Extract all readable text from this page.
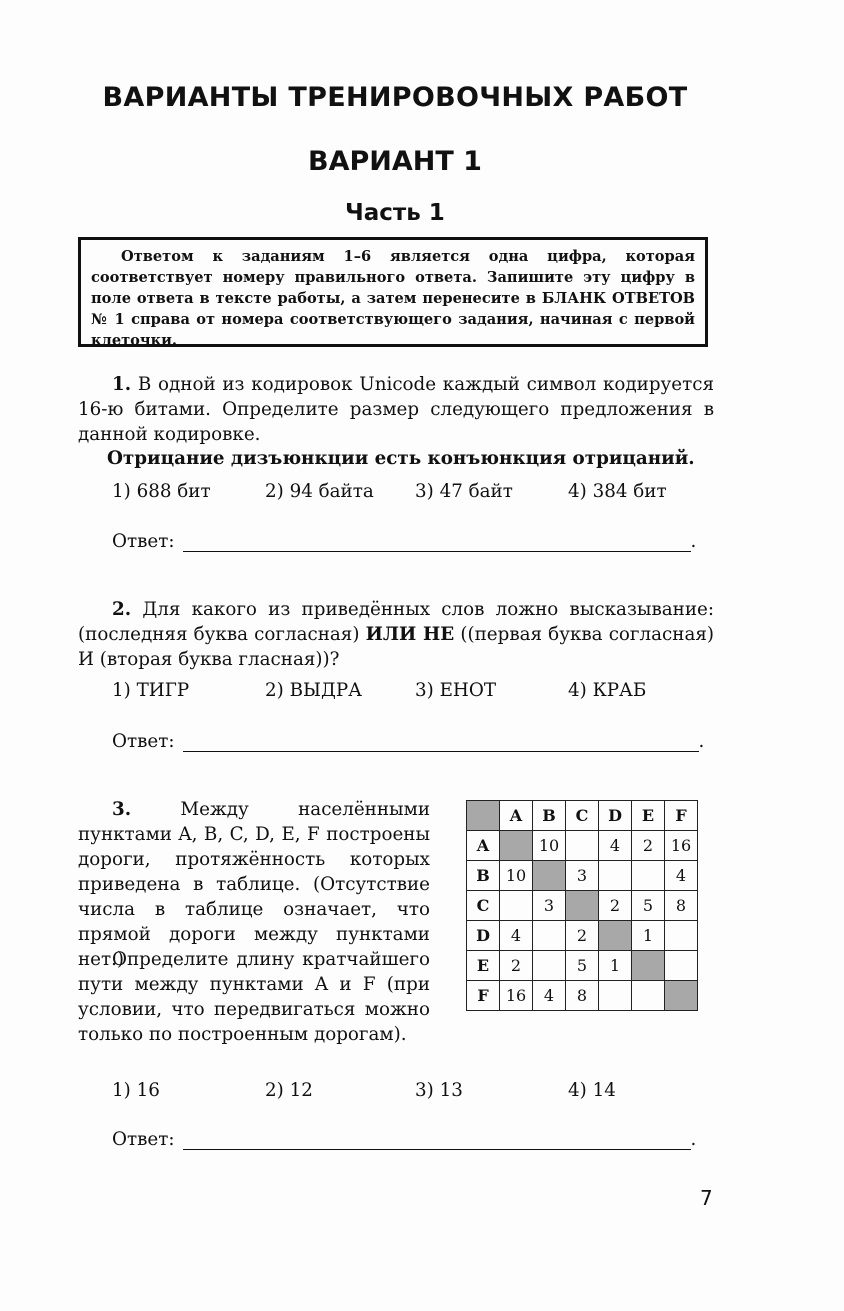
ВАРИАНТЫ ТРЕНИРОВОЧНЫХ РАБОТ
ВАРИАНТ 1
Часть 1
Ответом к заданиям 1–6 является одна цифра, которая соответствует номеру правильного ответа. Запишите эту цифру в поле ответа в тексте работы, а затем перенесите в БЛАНК ОТВЕТОВ № 1 справа от номера соответствующего задания, начиная с первой клеточки.
1. В одной из кодировок Unicode каждый символ кодируется 16-ю битами. Определите размер следующего предложения в данной кодировке.
Отрицание дизъюнкции есть конъюнкция отрицаний.
1) 688 бит	2) 94 байта 3) 47 байт	4) 384 бит
Ответ:	.
2. Для какого из приведённых слов ложно высказывание: (последняя буква согласная) ИЛИ НЕ ((первая буква согласная) И (вторая буква гласная))?
1) ТИГР	2) ВЫДРА	3) ЕНОТ	4) КРАБ
Ответ:	.
3.	Между населёнными пунктами A, B, C, D, E, F построены дороги, протяжённость которых приведена в таблице. (Отсутствие числа в таблице означает, что прямой дороги между пунктами нет.)
Определите длину кратчайшего пути между пунктами A и F (при условии, что передвигаться можно только по построенным дорогам).
	A	B	C	D	E	F
A		10		4	2	16
B	10		3			4
C		3		2	5	8
D	4		2		1	
E	2		5	1		
F	16	4	8			
1) 16	2) 12	3) 13	4) 14
Ответ:	.
7
